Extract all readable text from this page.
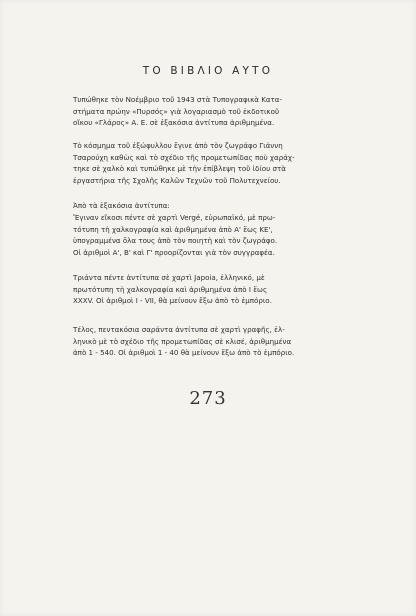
ΤΟ ΒΙΒΛΙΟ ΑΥΤΟ

Τυπώθηκε τὸν Νοέμβριο τοῦ 1943 στὰ Τυπογραφικὰ Κατα-
στήματα πρώην «Πυρσός» γιὰ λογαριασμὸ τοῦ ἐκδοτικοῦ
οἴκου «Γλάρος» Α. Ε. σὲ ἑξακόσια ἀντίτυπα ἀριθμημένα.

Τὸ κόσμημα τοῦ ἐξώφυλλου ἔγινε ἀπὸ τὸν ζωγράφο Γιάννη
Τσαρούχη καθὼς καὶ τὸ σχέδιο τῆς προμετωπίδας ποὺ χαράχ-
τηκε σὲ χαλκὸ καὶ τυπώθηκε μὲ τὴν ἐπίβλεψη τοῦ ἰδίου στὰ
ἐργαστήρια τῆς Σχολῆς Καλῶν Τεχνῶν τοῦ Πολυτεχνείου.

Ἀπὸ τὰ ἑξακόσια ἀντίτυπα:

Ἔγιναν εἴκοσι πέντε σὲ χαρτὶ Vergé, εὐρωπαϊκό, μὲ πρω-
τότυπη τὴ χαλκογραφία καὶ ἀριθμημένα ἀπὸ Α' ἕως ΚΕ',
ὑπογραμμένα ὅλα τους ἀπὸ τὸν ποιητὴ καὶ τὸν ζωγράφο.
Οἱ ἀριθμοὶ Α', Β' καὶ Γ' προορίζονται γιὰ τὸν συγγραφέα.

Τριάντα πέντε ἀντίτυπα σὲ χαρτὶ Japoia, ἑλληνικό, μὲ
πρωτότυπη τὴ χαλκογραφία καὶ ἀριθμημένα ἀπὸ Ι ἕως
XXXV. Οἱ ἀριθμοὶ Ι - VII, θὰ μείνουν ἔξω ἀπὸ τὸ ἐμπόριο.

Τέλος, πεντακόσια σαράντα ἀντίτυπα σὲ χαρτὶ γραφῆς, ἑλ-
ληνικὸ μὲ τὸ σχέδιο τῆς προμετωπίδας σὲ κλισέ, ἀριθμημένα
ἀπὸ 1 - 540. Οἱ ἀριθμοὶ 1 - 40 θὰ μείνουν ἔξω ἀπὸ τὸ ἐμπόριο.

273
